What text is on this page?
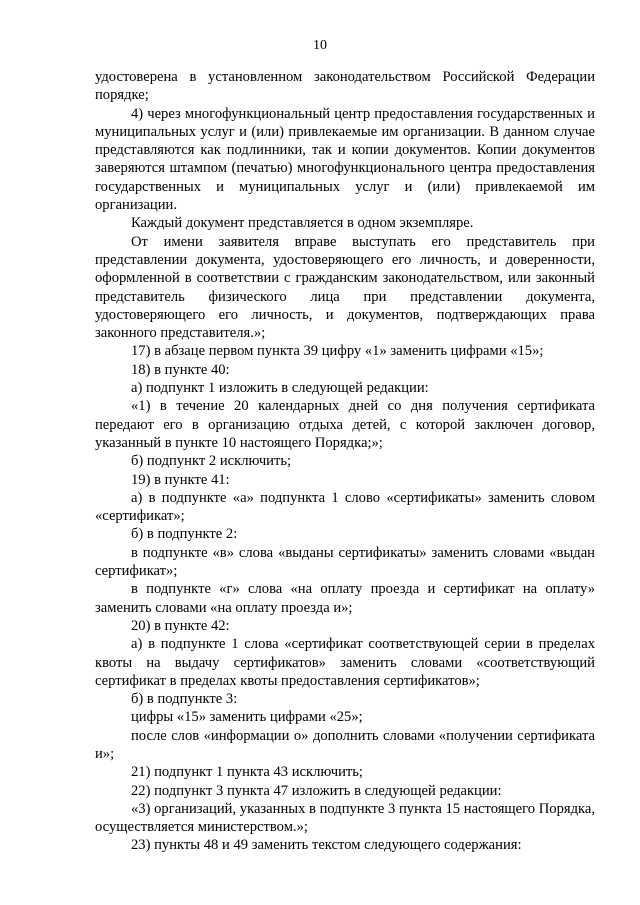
10

удостоверена в установленном законодательством Российской Федерации порядке;

4) через многофункциональный центр предоставления государственных и муниципальных услуг и (или) привлекаемые им организации. В данном случае представляются как подлинники, так и копии документов. Копии документов заверяются штампом (печатью) многофункционального центра предоставления государственных и муниципальных услуг и (или) привлекаемой им организации.

Каждый документ представляется в одном экземпляре.

От имени заявителя вправе выступать его представитель при представлении документа, удостоверяющего его личность, и доверенности, оформленной в соответствии с гражданским законодательством, или законный представитель физического лица при представлении документа, удостоверяющего его личность, и документов, подтверждающих права законного представителя.»;

17) в абзаце первом пункта 39 цифру «1» заменить цифрами «15»;

18) в пункте 40:

а) подпункт 1 изложить в следующей редакции:

«1) в течение 20 календарных дней со дня получения сертификата передают его в организацию отдыха детей, с которой заключен договор, указанный в пункте 10 настоящего Порядка;»;

б) подпункт 2 исключить;

19) в пункте 41:

а) в подпункте «а» подпункта 1 слово «сертификаты» заменить словом «сертификат»;

б) в подпункте 2:

в подпункте «в» слова «выданы сертификаты» заменить словами «выдан сертификат»;

в подпункте «г» слова «на оплату проезда и сертификат на оплату» заменить словами «на оплату проезда и»;

20) в пункте 42:

а) в подпункте 1 слова «сертификат соответствующей серии в пределах квоты на выдачу сертификатов» заменить словами «соответствующий сертификат в пределах квоты предоставления сертификатов»;

б) в подпункте 3:

цифры «15» заменить цифрами «25»;

после слов «информации о» дополнить словами «получении сертификата и»;

21) подпункт 1 пункта 43 исключить;

22) подпункт 3 пункта 47 изложить в следующей редакции:

«3) организаций, указанных в подпункте 3 пункта 15 настоящего Порядка, осуществляется министерством.»;

23) пункты 48 и 49 заменить текстом следующего содержания:
